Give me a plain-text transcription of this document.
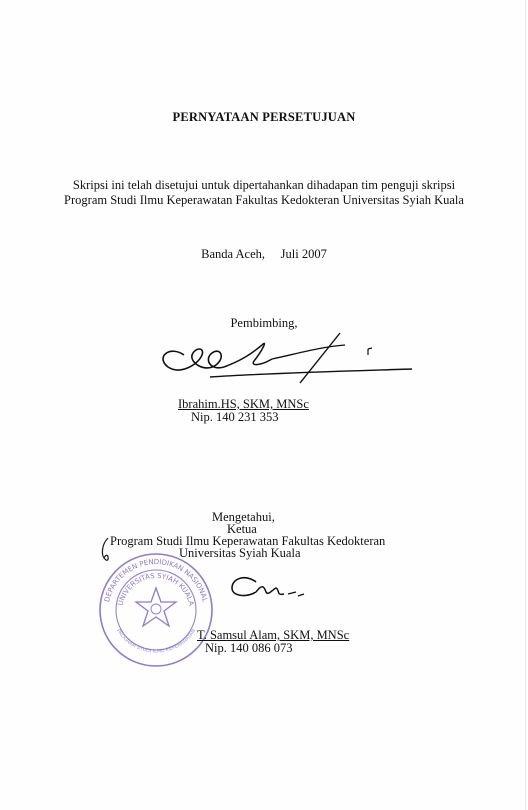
PERNYATAAN PERSETUJUAN
Skripsi ini telah disetujui untuk dipertahankan dihadapan tim penguji skripsi
Program Studi Ilmu Keperawatan Fakultas Kedokteran Universitas Syiah Kuala
Banda Aceh,     Juli 2007
Pembimbing,
Ibrahim.HS, SKM, MNSc
Nip. 140 231 353
Mengetahui,
Ketua
Program Studi Ilmu Keperawatan Fakultas Kedokteran
Universitas Syiah Kuala
DEPARTEMEN PENDIDIKAN NASIONAL
UNIVERSITAS SYIAH KUALA
PROGRAM STUDI ILMU KEPERAWATAN T. Samsul Alam, SKM, MNSc
Nip. 140 086 073
